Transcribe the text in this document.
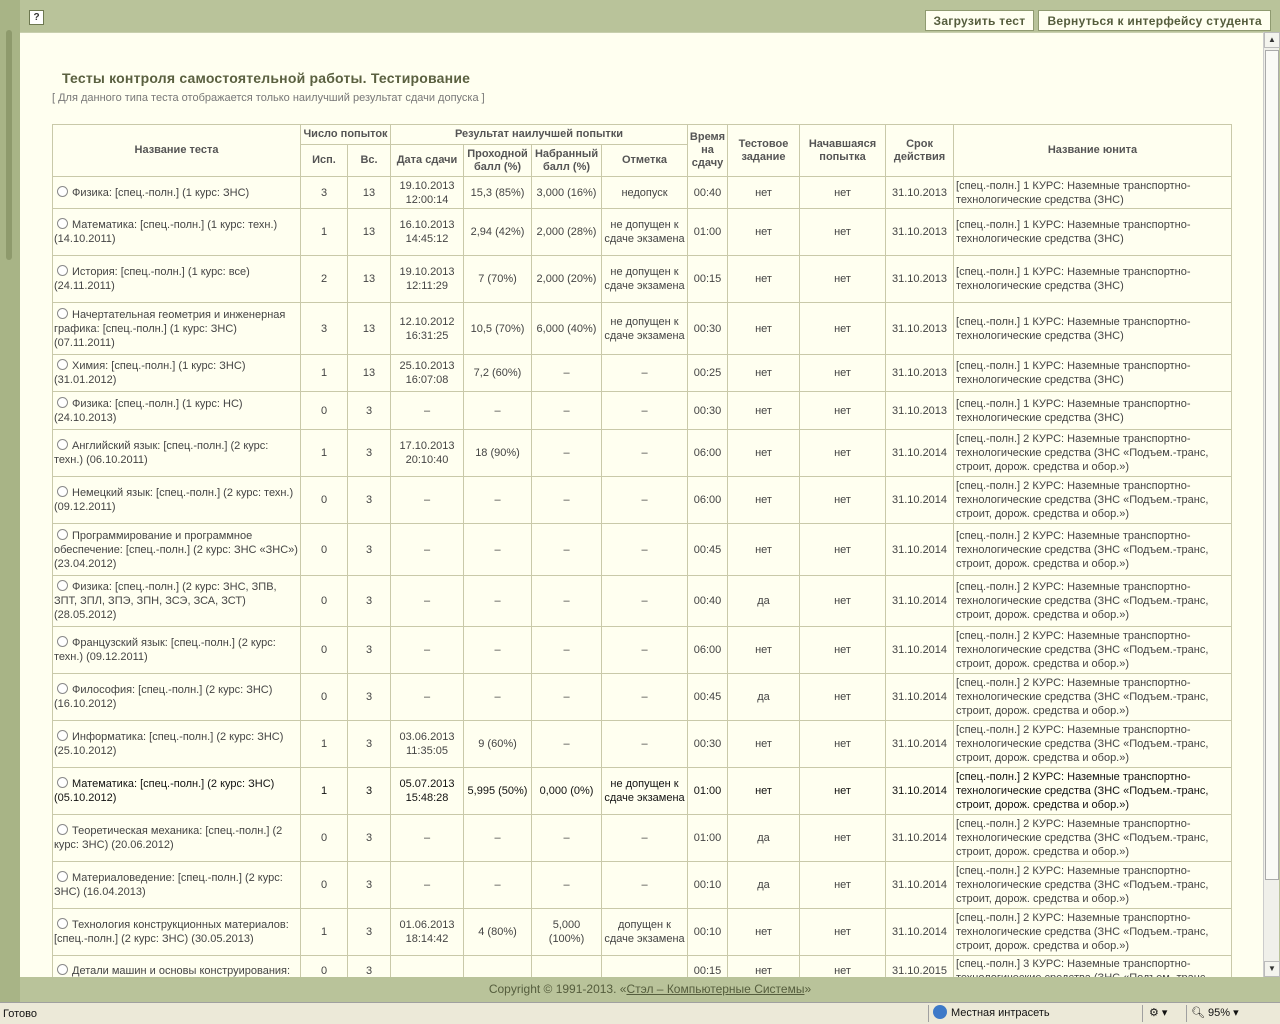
?	Загрузить тест	Вернуться к интерфейсу студента
Тесты контроля самостоятельной работы. Тестирование
[ Для данного типа теста отображается только наилучший результат сдачи допуска ]
Название теста	Число попыток		Результат наилучшей попытки				Время на сдачу	Тестовое задание	Начавшаяся попытка	Срок действия	Название юнита
	Исп.	Вс.	Дата сдачи	Проходной балл (%)	Набранный балл (%)	Отметка					
Физика: [спец.-полн.] (1 курс: ЗНС)	3	13	19.10.2013 12:00:14	15,3 (85%)	3,000 (16%)	недопуск	00:40	нет	нет	31.10.2013	[спец.-полн.] 1 КУРС: Наземные транспортно-технологические средства (ЗНС)
Математика: [спец.-полн.] (1 курс: техн.) (14.10.2011)	1	13	16.10.2013 14:45:12	2,94 (42%)	2,000 (28%)	не допущен к сдаче экзамена	01:00	нет	нет	31.10.2013	[спец.-полн.] 1 КУРС: Наземные транспортно-технологические средства (ЗНС)
История: [спец.-полн.] (1 курс: все) (24.11.2011)	2	13	19.10.2013 12:11:29	7 (70%)	2,000 (20%)	не допущен к сдаче экзамена	00:15	нет	нет	31.10.2013	[спец.-полн.] 1 КУРС: Наземные транспортно-технологические средства (ЗНС)
Начертательная геометрия и инженерная графика: [спец.-полн.] (1 курс: ЗНС) (07.11.2011)	3	13	12.10.2012 16:31:25	10,5 (70%)	6,000 (40%)	не допущен к сдаче экзамена	00:30	нет	нет	31.10.2013	[спец.-полн.] 1 КУРС: Наземные транспортно-технологические средства (ЗНС)
Химия: [спец.-полн.] (1 курс: ЗНС) (31.01.2012)	1	13	25.10.2013 16:07:08	7,2 (60%)	–	–	00:25	нет	нет	31.10.2013	[спец.-полн.] 1 КУРС: Наземные транспортно-технологические средства (ЗНС)
Физика: [спец.-полн.] (1 курс: НС) (24.10.2013)	0	3	–	–	–	–	00:30	нет	нет	31.10.2013	[спец.-полн.] 1 КУРС: Наземные транспортно-технологические средства (ЗНС)
Английский язык: [спец.-полн.] (2 курс: техн.) (06.10.2011)	1	3	17.10.2013 20:10:40	18 (90%)	–	–	06:00	нет	нет	31.10.2014	[спец.-полн.] 2 КУРС: Наземные транспортно-технологические средства (ЗНС «Подъем.-транс, строит, дорож. средства и обор.»)
Немецкий язык: [спец.-полн.] (2 курс: техн.) (09.12.2011)	0	3	–	–	–	–	06:00	нет	нет	31.10.2014	[спец.-полн.] 2 КУРС: Наземные транспортно-технологические средства (ЗНС «Подъем.-транс, строит, дорож. средства и обор.»)
Программирование и программное обеспечение: [спец.-полн.] (2 курс: ЗНС «ЗНС») (23.04.2012)	0	3	–	–	–	–	00:45	нет	нет	31.10.2014	[спец.-полн.] 2 КУРС: Наземные транспортно-технологические средства (ЗНС «Подъем.-транс, строит, дорож. средства и обор.»)
Физика: [спец.-полн.] (2 курс: ЗНС, ЗПВ, ЗПТ, ЗПЛ, ЗПЭ, ЗПН, ЗСЭ, ЗСА, ЗСТ) (28.05.2012)	0	3	–	–	–	–	00:40	да	нет	31.10.2014	[спец.-полн.] 2 КУРС: Наземные транспортно-технологические средства (ЗНС «Подъем.-транс, строит, дорож. средства и обор.»)
Французский язык: [спец.-полн.] (2 курс: техн.) (09.12.2011)	0	3	–	–	–	–	06:00	нет	нет	31.10.2014	[спец.-полн.] 2 КУРС: Наземные транспортно-технологические средства (ЗНС «Подъем.-транс, строит, дорож. средства и обор.»)
Философия: [спец.-полн.] (2 курс: ЗНС) (16.10.2012)	0	3	–	–	–	–	00:45	да	нет	31.10.2014	[спец.-полн.] 2 КУРС: Наземные транспортно-технологические средства (ЗНС «Подъем.-транс, строит, дорож. средства и обор.»)
Информатика: [спец.-полн.] (2 курс: ЗНС) (25.10.2012)	1	3	03.06.2013 11:35:05	9 (60%)	–	–	00:30	нет	нет	31.10.2014	[спец.-полн.] 2 КУРС: Наземные транспортно-технологические средства (ЗНС «Подъем.-транс, строит, дорож. средства и обор.»)
Математика: [спец.-полн.] (2 курс: ЗНС) (05.10.2012)	1	3	05.07.2013 15:48:28	5,995 (50%)	0,000 (0%)	не допущен к сдаче экзамена	01:00	нет	нет	31.10.2014	[спец.-полн.] 2 КУРС: Наземные транспортно-технологические средства (ЗНС «Подъем.-транс, строит, дорож. средства и обор.»)
Теоретическая механика: [спец.-полн.] (2 курс: ЗНС) (20.06.2012)	0	3	–	–	–	–	01:00	да	нет	31.10.2014	[спец.-полн.] 2 КУРС: Наземные транспортно-технологические средства (ЗНС «Подъем.-транс, строит, дорож. средства и обор.»)
Материаловедение: [спец.-полн.] (2 курс: ЗНС) (16.04.2013)	0	3	–	–	–	–	00:10	да	нет	31.10.2014	[спец.-полн.] 2 КУРС: Наземные транспортно-технологические средства (ЗНС «Подъем.-транс, строит, дорож. средства и обор.»)
Технология конструкционных материалов: [спец.-полн.] (2 курс: ЗНС) (30.05.2013)	1	3	01.06.2013 18:14:42	4 (80%)	5,000 (100%)	допущен к сдаче экзамена	00:10	нет	нет	31.10.2014	[спец.-полн.] 2 КУРС: Наземные транспортно-технологические средства (ЗНС «Подъем.-транс, строит, дорож. средства и обор.»)
Детали машин и основы конструирования:	0	3					00:15	нет	нет	31.10.2015	[спец.-полн.] 3 КУРС: Наземные транспортно-
▲
▼
Copyright © 1991-2013. «Стэл – Компьютерные Системы»
Готово	Местная интрасеть	⚙ ▾	🔍︎ 95% ▾
